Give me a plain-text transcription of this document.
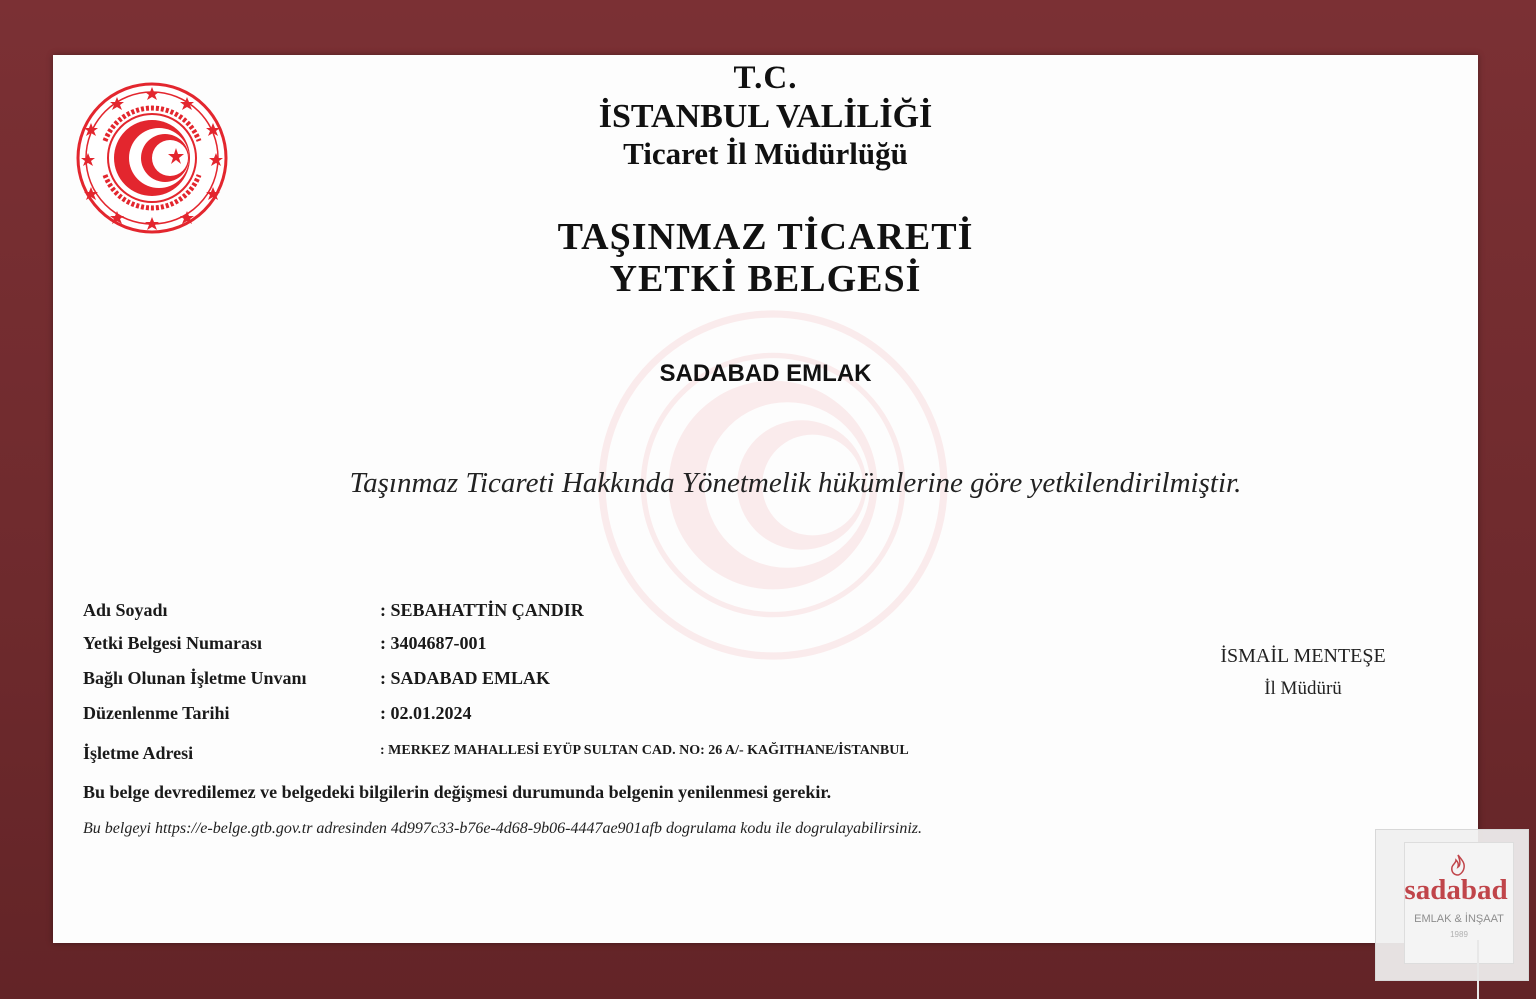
T.C.
İSTANBUL VALİLİĞİ
Ticaret İl Müdürlüğü
TAŞINMAZ TİCARETİ
YETKİ BELGESİ
SADABAD EMLAK
Taşınmaz Ticareti Hakkında Yönetmelik hükümlerine göre yetkilendirilmiştir.
Adı Soyadı	: SEBAHATTİN ÇANDIR
Yetki Belgesi Numarası	: 3404687-001
Bağlı Olunan İşletme Unvanı	: SADABAD EMLAK
Düzenlenme Tarihi	: 02.01.2024
İşletme Adresi	: MERKEZ MAHALLESİ EYÜP SULTAN CAD. NO: 26 A/- KAĞITHANE/İSTANBUL
Bu belge devredilemez ve belgedeki bilgilerin değişmesi durumunda belgenin yenilenmesi gerekir.
Bu belgeyi https://e-belge.gtb.gov.tr adresinden 4d997c33-b76e-4d68-9b06-4447ae901afb dogrulama kodu ile dogrulayabilirsiniz.
İSMAİL MENTEŞE
İl Müdürü
sadabad
EMLAK & İNŞAAT
1989
